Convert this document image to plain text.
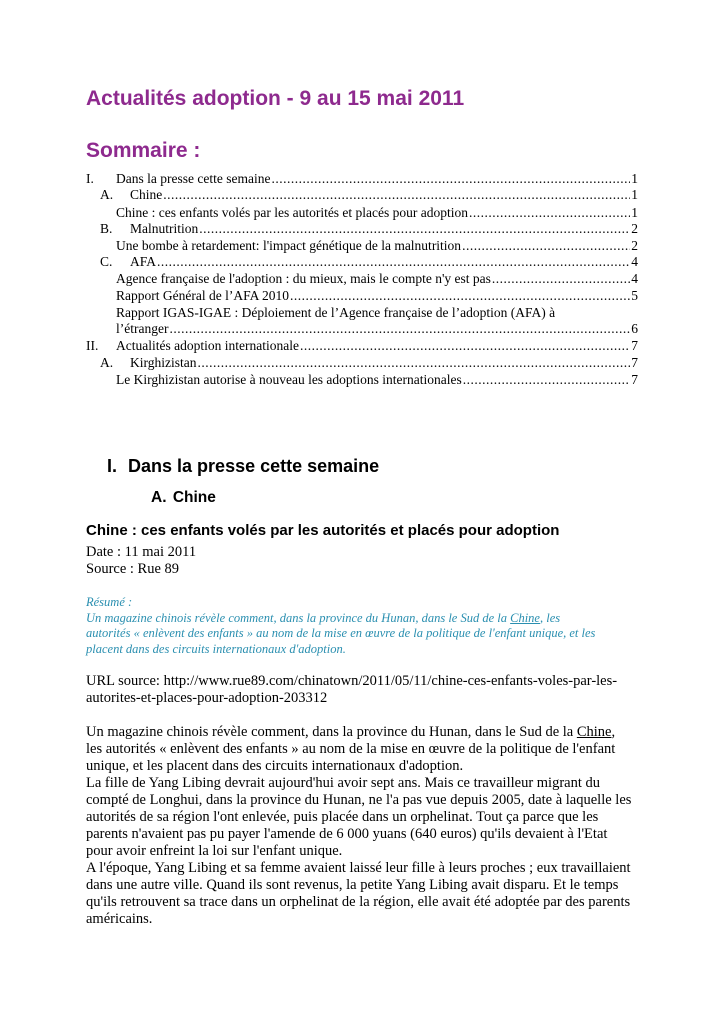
Actualités adoption - 9 au 15 mai 2011
Sommaire :
I. Dans la presse cette semaine .....	1
A. Chine .....	1
Chine : ces enfants volés par les autorités et placés pour adoption .....	1
B. Malnutrition .....	2
Une bombe à retardement: l'impact génétique de la malnutrition .....	2
C. AFA .....	4
Agence française de l'adoption : du mieux, mais le compte n'y est pas .....	4
Rapport Général de l’AFA 2010 .....	5
Rapport IGAS-IGAE : Déploiement de l’Agence française de l’adoption (AFA) à
l’étranger .....	6
II. Actualités adoption internationale .....	7
A. Kirghizistan .....	7
Le Kirghizistan autorise à nouveau les adoptions internationales .....	7
I. Dans la presse cette semaine
A. Chine
Chine : ces enfants volés par les autorités et placés pour adoption
Date : 11 mai 2011
Source : Rue 89
Résumé :
Un magazine chinois révèle comment, dans la province du Hunan, dans le Sud de la Chine, les
autorités « enlèvent des enfants » au nom de la mise en œuvre de la politique de l'enfant unique, et les
placent dans des circuits internationaux d'adoption.
URL source: http://www.rue89.com/chinatown/2011/05/11/chine-ces-enfants-voles-par-les-
autorites-et-places-pour-adoption-203312
Un magazine chinois révèle comment, dans la province du Hunan, dans le Sud de la Chine,
les autorités « enlèvent des enfants » au nom de la mise en œuvre de la politique de l'enfant
unique, et les placent dans des circuits internationaux d'adoption.
La fille de Yang Libing devrait aujourd'hui avoir sept ans. Mais ce travailleur migrant du
compté de Longhui, dans la province du Hunan, ne l'a pas vue depuis 2005, date à laquelle les
autorités de sa région l'ont enlevée, puis placée dans un orphelinat. Tout ça parce que les
parents n'avaient pas pu payer l'amende de 6 000 yuans (640 euros) qu'ils devaient à l'Etat
pour avoir enfreint la loi sur l'enfant unique.
A l'époque, Yang Libing et sa femme avaient laissé leur fille à leurs proches ; eux travaillaient
dans une autre ville. Quand ils sont revenus, la petite Yang Libing avait disparu. Et le temps
qu'ils retrouvent sa trace dans un orphelinat de la région, elle avait été adoptée par des parents
américains.
